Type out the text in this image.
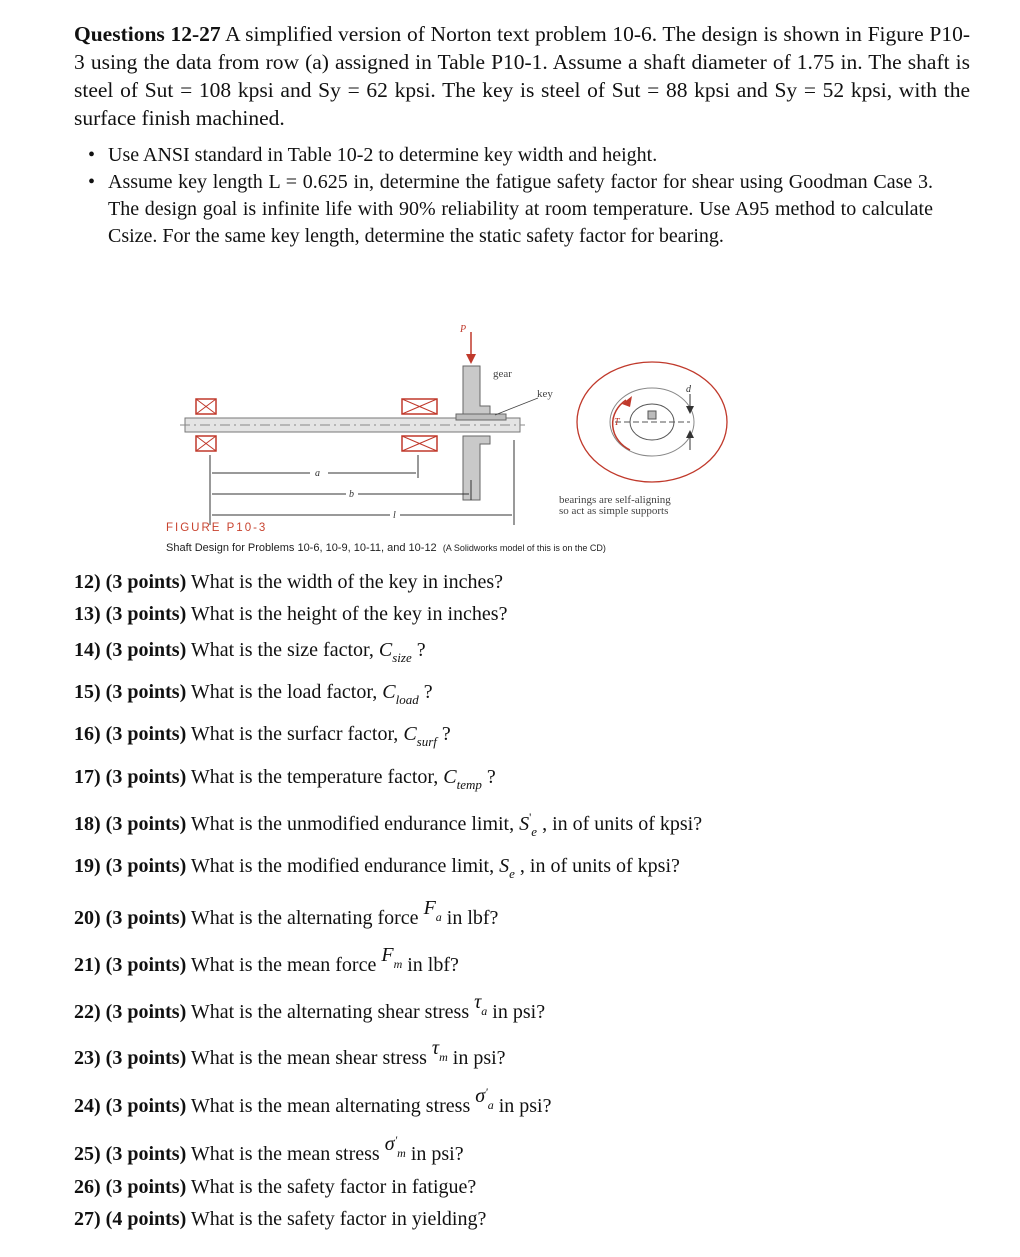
Questions 12-27 A simplified version of Norton text problem 10-6. The design is shown in Figure P10-3 using the data from row (a) assigned in Table P10-1. Assume a shaft diameter of 1.75 in. The shaft is steel of Sut = 108 kpsi and Sy = 62 kpsi. The key is steel of Sut = 88 kpsi and Sy = 52 kpsi, with the surface finish machined.
• Use ANSI standard in Table 10-2 to determine key width and height.
• Assume key length L = 0.625 in, determine the fatigue safety factor for shear using Goodman Case 3. The design goal is infinite life with 90% reliability at room temperature. Use A95 method to calculate Csize. For the same key length, determine the static safety factor for bearing.
P
gear
key
a
b
l
d
T
bearings are self-aligning
so act as simple supports
FIGURE P10-3
Shaft Design for Problems 10-6, 10-9, 10-11, and 10-12 (A Solidworks model of this is on the CD)
12) (3 points) What is the width of the key in inches?
13) (3 points) What is the height of the key in inches?
14) (3 points) What is the size factor, $C_{size}$ ?
15) (3 points) What is the load factor, $C_{load}$ ?
16) (3 points) What is the surfacr factor, $C_{surf}$ ?
17) (3 points) What is the temperature factor, $C_{temp}$ ?
18) (3 points) What is the unmodified endurance limit, $S'_e$ , in of units of kpsi?
19) (3 points) What is the modified endurance limit, $S_e$ , in of units of kpsi?
20) (3 points) What is the alternating force Fa in lbf?
21) (3 points) What is the mean force Fm in lbf?
22) (3 points) What is the alternating shear stress τa in psi?
23) (3 points) What is the mean shear stress τm in psi?
24) (3 points) What is the mean alternating stress σ'a in psi?
25) (3 points) What is the mean stress σ'm in psi?
26) (3 points) What is the safety factor in fatigue?
27) (4 points) What is the safety factor in yielding?
